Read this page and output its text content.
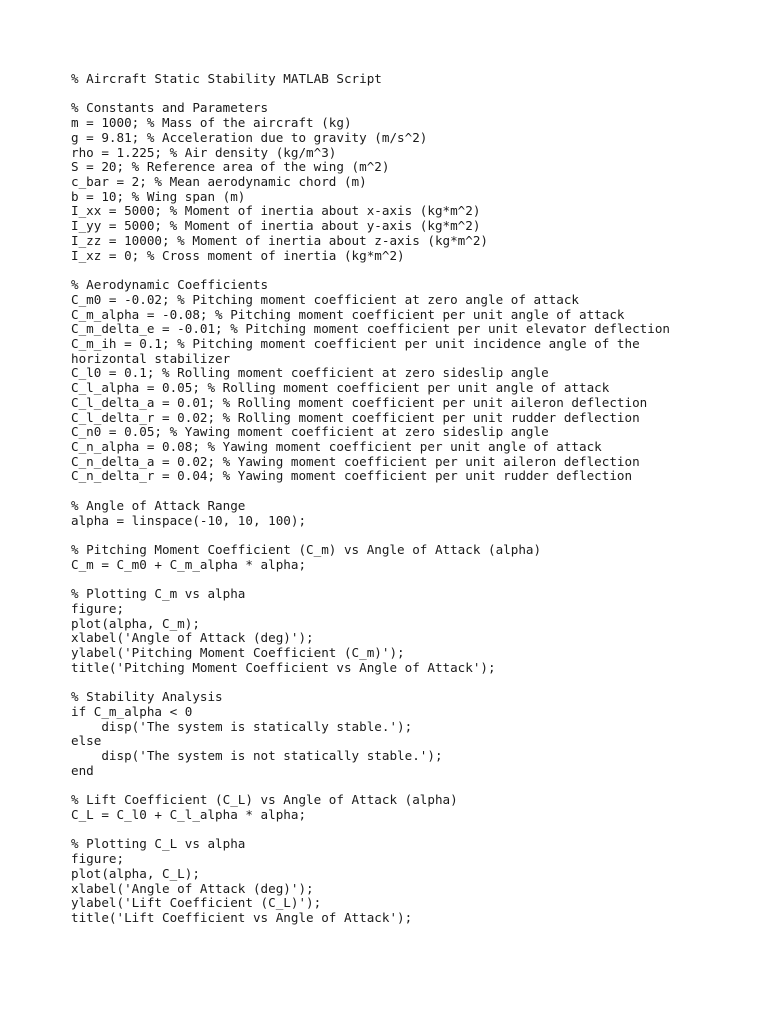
% Aircraft Static Stability MATLAB Script
% Constants and Parameters
m = 1000; % Mass of the aircraft (kg)
g = 9.81; % Acceleration due to gravity (m/s^2)
rho = 1.225; % Air density (kg/m^3)
S = 20; % Reference area of the wing (m^2)
c_bar = 2; % Mean aerodynamic chord (m)
b = 10; % Wing span (m)
I_xx = 5000; % Moment of inertia about x-axis (kg*m^2)
I_yy = 5000; % Moment of inertia about y-axis (kg*m^2)
I_zz = 10000; % Moment of inertia about z-axis (kg*m^2)
I_xz = 0; % Cross moment of inertia (kg*m^2)
% Aerodynamic Coefficients
C_m0 = -0.02; % Pitching moment coefficient at zero angle of attack
C_m_alpha = -0.08; % Pitching moment coefficient per unit angle of attack
C_m_delta_e = -0.01; % Pitching moment coefficient per unit elevator deflection
C_m_ih = 0.1; % Pitching moment coefficient per unit incidence angle of the
horizontal stabilizer
C_l0 = 0.1; % Rolling moment coefficient at zero sideslip angle
C_l_alpha = 0.05; % Rolling moment coefficient per unit angle of attack
C_l_delta_a = 0.01; % Rolling moment coefficient per unit aileron deflection
C_l_delta_r = 0.02; % Rolling moment coefficient per unit rudder deflection
C_n0 = 0.05; % Yawing moment coefficient at zero sideslip angle
C_n_alpha = 0.08; % Yawing moment coefficient per unit angle of attack
C_n_delta_a = 0.02; % Yawing moment coefficient per unit aileron deflection
C_n_delta_r = 0.04; % Yawing moment coefficient per unit rudder deflection
% Angle of Attack Range
alpha = linspace(-10, 10, 100);
% Pitching Moment Coefficient (C_m) vs Angle of Attack (alpha)
C_m = C_m0 + C_m_alpha * alpha;
% Plotting C_m vs alpha
figure;
plot(alpha, C_m);
xlabel('Angle of Attack (deg)');
ylabel('Pitching Moment Coefficient (C_m)');
title('Pitching Moment Coefficient vs Angle of Attack');
% Stability Analysis
if C_m_alpha < 0
disp('The system is statically stable.');
else
disp('The system is not statically stable.');
end
% Lift Coefficient (C_L) vs Angle of Attack (alpha)
C_L = C_l0 + C_l_alpha * alpha;
% Plotting C_L vs alpha
figure;
plot(alpha, C_L);
xlabel('Angle of Attack (deg)');
ylabel('Lift Coefficient (C_L)');
title('Lift Coefficient vs Angle of Attack');
